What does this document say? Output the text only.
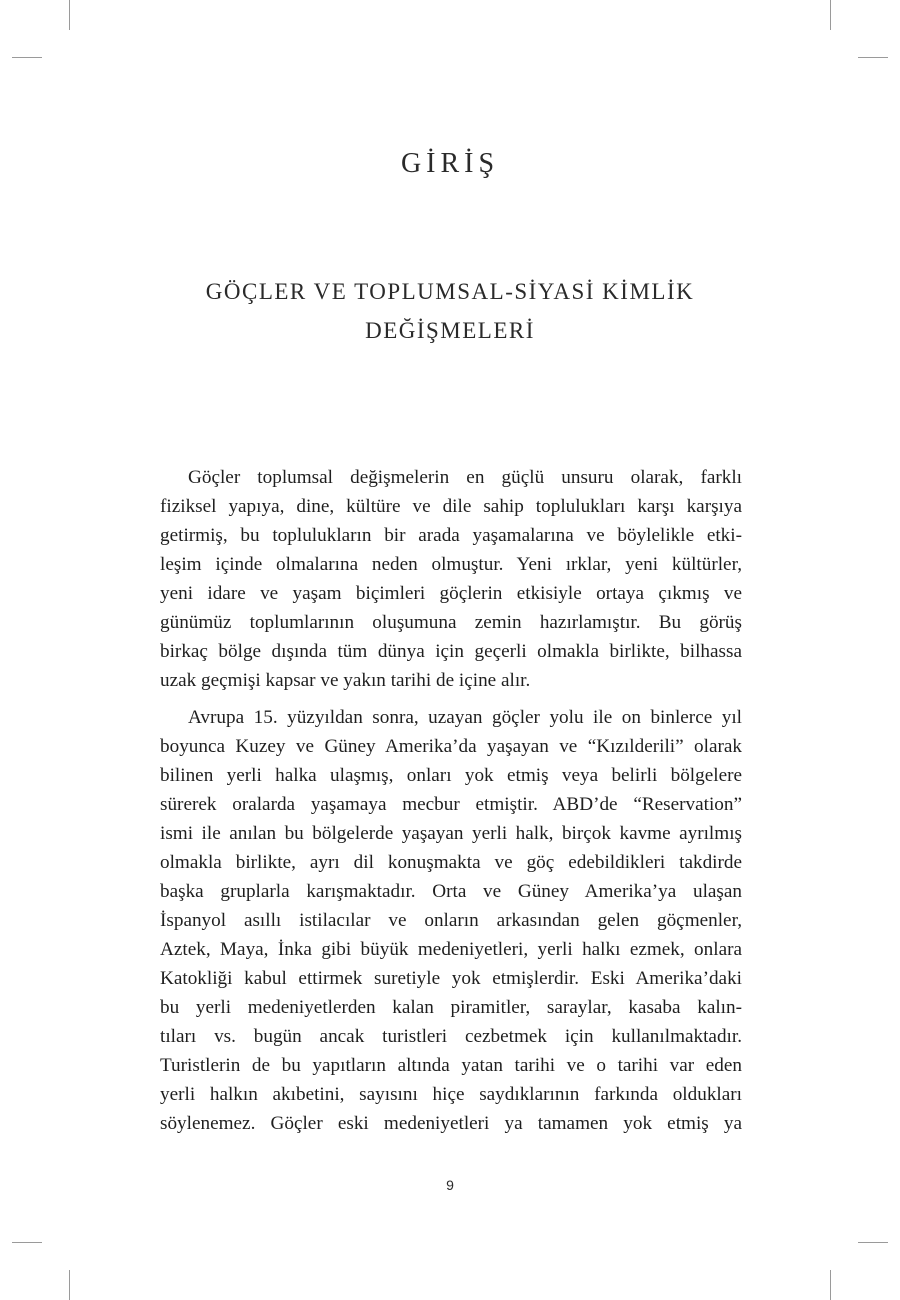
GİRİŞ
GÖÇLER VE TOPLUMSAL-SİYASİ KİMLİK
DEĞİŞMELERİ
Göçler toplumsal değişmelerin en güçlü unsuru olarak, farklı
fiziksel yapıya, dine, kültüre ve dile sahip toplulukları karşı karşıya
getirmiş, bu toplulukların bir arada yaşamalarına ve böylelikle etki-
leşim içinde olmalarına neden olmuştur. Yeni ırklar, yeni kültürler,
yeni idare ve yaşam biçimleri göçlerin etkisiyle ortaya çıkmış ve
günümüz toplumlarının oluşumuna zemin hazırlamıştır. Bu görüş
birkaç bölge dışında tüm dünya için geçerli olmakla birlikte, bilhassa
uzak geçmişi kapsar ve yakın tarihi de içine alır.
Avrupa 15. yüzyıldan sonra, uzayan göçler yolu ile on binlerce yıl
boyunca Kuzey ve Güney Amerika’da yaşayan ve “Kızılderili” olarak
bilinen yerli halka ulaşmış, onları yok etmiş veya belirli bölgelere
sürerek oralarda yaşamaya mecbur etmiştir. ABD’de “Reservation”
ismi ile anılan bu bölgelerde yaşayan yerli halk, birçok kavme ayrılmış
olmakla birlikte, ayrı dil konuşmakta ve göç edebildikleri takdirde
başka gruplarla karışmaktadır. Orta ve Güney Amerika’ya ulaşan
İspanyol asıllı istilacılar ve onların arkasından gelen göçmenler,
Aztek, Maya, İnka gibi büyük medeniyetleri, yerli halkı ezmek, onlara
Katokliği kabul ettirmek suretiyle yok etmişlerdir. Eski Amerika’daki
bu yerli medeniyetlerden kalan piramitler, saraylar, kasaba kalın-
tıları vs. bugün ancak turistleri cezbetmek için kullanılmaktadır.
Turistlerin de bu yapıtların altında yatan tarihi ve o tarihi var eden
yerli halkın akıbetini, sayısını hiçe saydıklarının farkında oldukları
söylenemez. Göçler eski medeniyetleri ya tamamen yok etmiş ya
9
